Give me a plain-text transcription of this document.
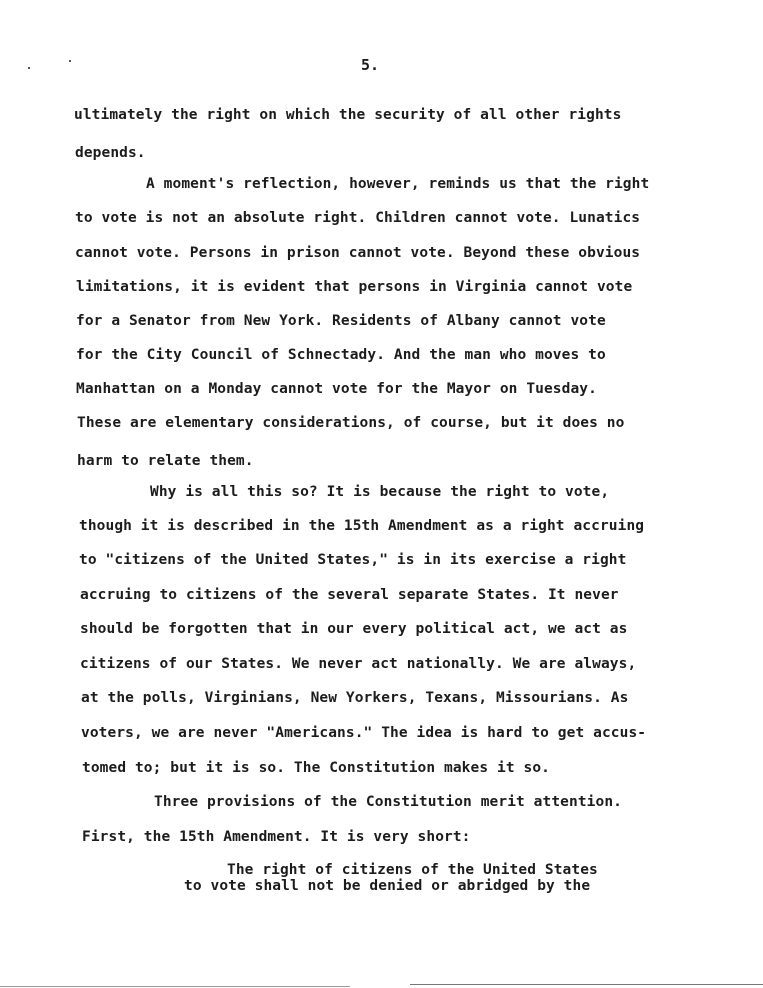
5.
ultimately the right on which the security of all other rights
depends.
A moment's reflection, however, reminds us that the right
to vote is not an absolute right. Children cannot vote. Lunatics
cannot vote. Persons in prison cannot vote. Beyond these obvious
limitations, it is evident that persons in Virginia cannot vote
for a Senator from New York. Residents of Albany cannot vote
for the City Council of Schnectady. And the man who moves to
Manhattan on a Monday cannot vote for the Mayor on Tuesday.
These are elementary considerations, of course, but it does no
harm to relate them.
Why is all this so? It is because the right to vote,
though it is described in the 15th Amendment as a right accruing
to "citizens of the United States," is in its exercise a right
accruing to citizens of the several separate States. It never
should be forgotten that in our every political act, we act as
citizens of our States. We never act nationally. We are always,
at the polls, Virginians, New Yorkers, Texans, Missourians. As
voters, we are never "Americans." The idea is hard to get accus-
tomed to; but it is so. The Constitution makes it so.
Three provisions of the Constitution merit attention.
First, the 15th Amendment. It is very short:
The right of citizens of the United States
to vote shall not be denied or abridged by the
